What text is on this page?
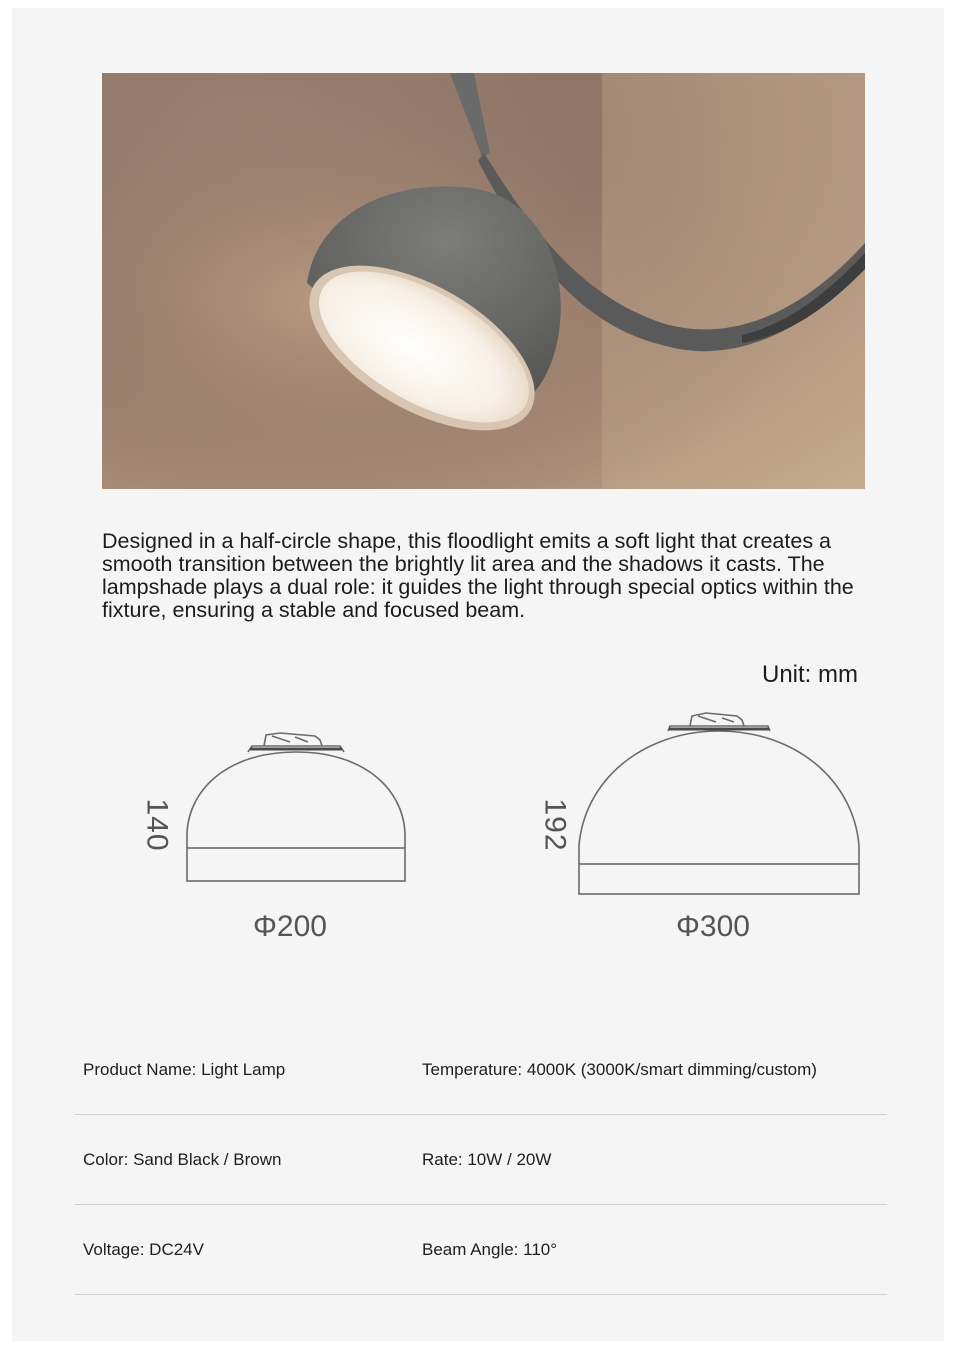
Designed in a half-circle shape, this floodlight emits a soft light that creates a smooth transition between the brightly lit area and the shadows it casts. The lampshade plays a dual role: it guides the light through special optics within the fixture, ensuring a stable and focused beam.

Unit: mm
140
Φ200
192
Φ300
Product Name: Light Lamp	Temperature: 4000K (3000K/smart dimming/custom)
Color: Sand Black / Brown	Rate: 10W / 20W
Voltage: DC24V	Beam Angle: 110°
